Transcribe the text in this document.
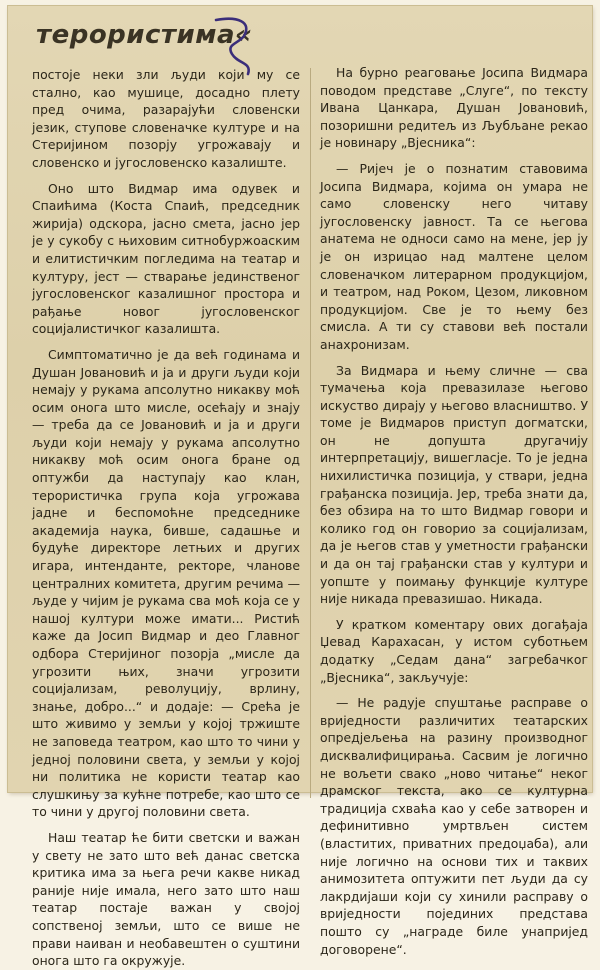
терористима«

постоје неки зли људи који му се стално, као мушице, досадно плету пред очима, разарајући словенски језик, ступове словеначке културе и на Стеријином позорју угрожавају и словенско и југословенско казалиште.

Оно што Видмар има одувек и Спаићима (Коста Спаић, председник жирија) одскора, јасно смета, јасно јер је у сукобу с њиховим ситнобуржоаским и елитистичким погледима на театар и културу, јест — стварање јединственог југословенског казалишног простора и рађање новог југословенског социјалистичког казалишта.

Симптоматично је да већ годинама и Душан Јовановић и ја и други људи који немају у рукама апсолутно никакву моћ осим онога што мисле, осећају и знају — треба да се Јовановић и ја и други људи који немају у рукама апсолутно никакву моћ осим онога бране од оптужби да наступају као клан, терористичка група која угрожава јадне и беспомоћне председнике академија наука, бивше, садашње и будуће директоре летњих и других игара, интенданте, ректоре, чланове централних комитета, другим речима — људе у чијим је рукама сва моћ која се у нашој култури може имати... Ристић каже да Јосип Видмар и део Главног одбора Стеријиног позорја „мисле да угрозити њих, значи угрозити социјализам, револуцију, врлину, знање, добро...“ и додаје: — Срећа је што живимо у земљи у којој тржиште не заповеда театром, као што то чини у једној половини света, у земљи у којој ни политика не користи театар као слушкињу за кућне потребе, као што се то чини у другој половини света.

Наш театар ће бити светски и важан у свету не зато што већ данас светска критика има за њега речи какве никад раније није имала, него зато што наш театар постаје важан у својој сопственој земљи, што се више не прави наиван и необавештен о суштини онога што га окружује.

На бурно реаговање Јосипа Видмара поводом представе „Слуге“, по тексту Ивана Цанкара, Душан Јовановић, позоришни редитељ из Љубљане рекао је новинару „Вјесника“:

— Ријеч је о познатим ставовима Јосипа Видмара, којима он умара не само словенску него читаву југословенску јавност. Та се његова анатема не односи само на мене, јер ју је он изрицао над малтене целом словеначком литерарном продукцијом, и театром, над Роком, Цезом, ликовном продукцијом. Све је то њему без смисла. А ти су ставови већ постали анахронизам.

За Видмара и њему сличне — сва тумачења која превазилазе његово искуство дирају у његово власништво. У томе је Видмаров приступ догматски, он не допушта другачију интерпретацију, вишегласје. То је једна нихилистичка позиција, у ствари, једна грађанска позиција. Јер, треба знати да, без обзира на то што Видмар говори и колико год он говорио за социјализам, да је његов став у уметности грађански и да он тај грађански став у култури и уопште у поимању функције културе није никада превазишао. Никада.

У кратком коментару ових догађаја Џевад Карахасан, у истом суботњем додатку „Седам дана“ загребачког „Вјесника“, закључује:

— Не радује спуштање расправе о вриједности различитих театарских опредјељења на разину производног дисквалифицирања. Сасвим је логично не вољети свако „ново читање“ неког драмског текста, ако се културна традиција схваћа као у себе затворен и дефинитивно умртвљен систем (властитих, приватних предоџаба), али није логично на основи тих и таквих анимозитета оптужити пет људи да су лакрдијаши који су хинили расправу о вриједности појединих представа пошто су „награде биле унапријед договорене“.
